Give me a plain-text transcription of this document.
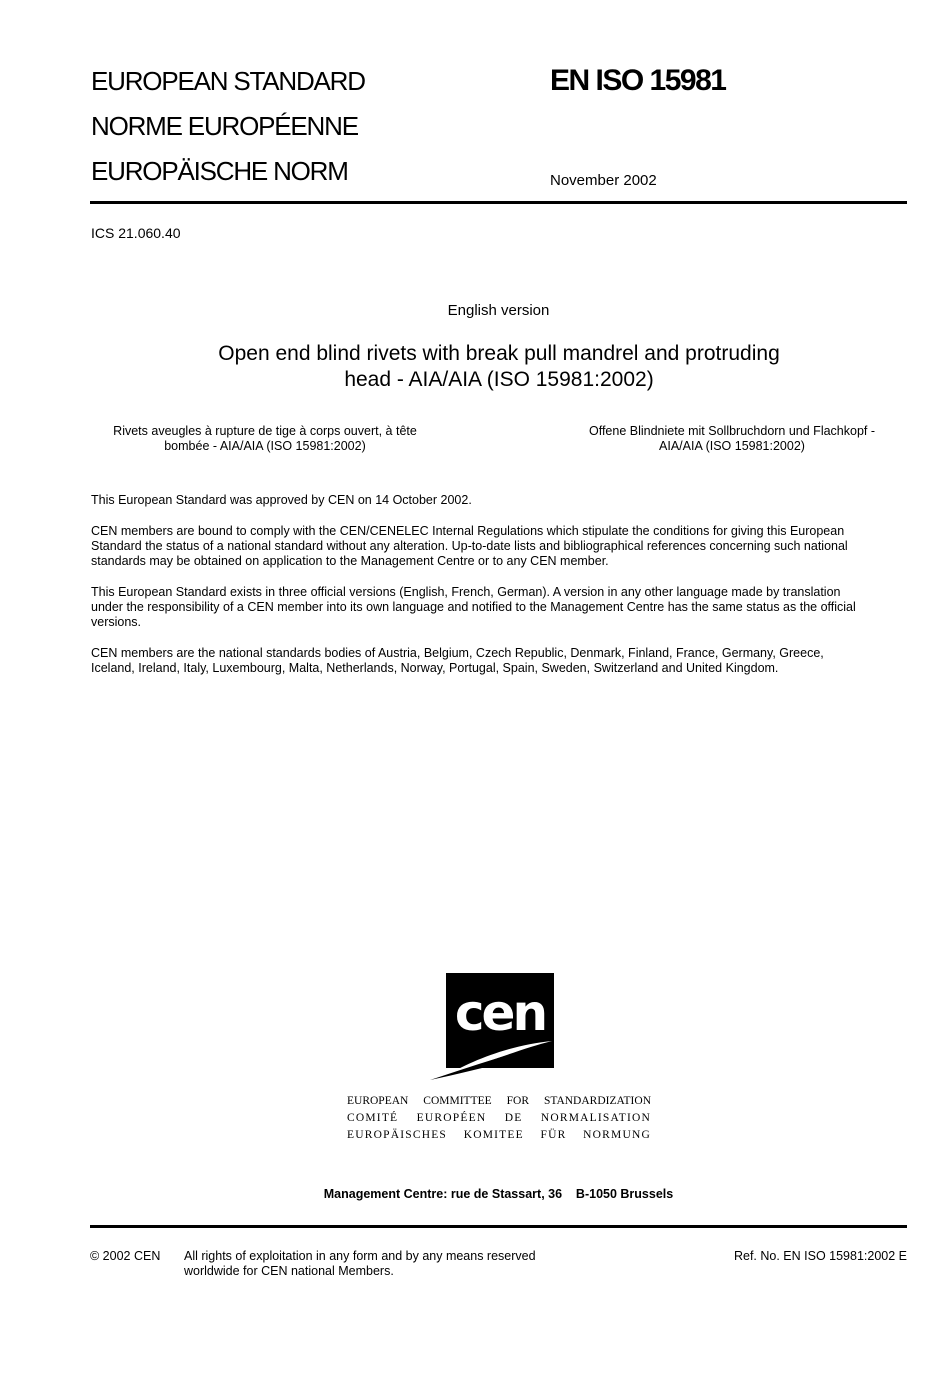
EUROPEAN STANDARD
NORME EUROPÉENNE
EUROPÄISCHE NORM
EN ISO 15981
November 2002
ICS 21.060.40
English version
Open end blind rivets with break pull mandrel and protruding
head - AIA/AIA (ISO 15981:2002)
Rivets aveugles à rupture de tige à corps ouvert, à tête
bombée - AIA/AIA (ISO 15981:2002)
Offene Blindniete mit Sollbruchdorn und Flachkopf -
AIA/AIA (ISO 15981:2002)
This European Standard was approved by CEN on 14 October 2002.
CEN members are bound to comply with the CEN/CENELEC Internal Regulations which stipulate the conditions for giving this European
Standard the status of a national standard without any alteration. Up-to-date lists and bibliographical references concerning such national
standards may be obtained on application to the Management Centre or to any CEN member.
This European Standard exists in three official versions (English, French, German). A version in any other language made by translation
under the responsibility of a CEN member into its own language and notified to the Management Centre has the same status as the official
versions.
CEN members are the national standards bodies of Austria, Belgium, Czech Republic, Denmark, Finland, France, Germany, Greece,
Iceland, Ireland, Italy, Luxembourg, Malta, Netherlands, Norway, Portugal, Spain, Sweden, Switzerland and United Kingdom.
cen
EUROPEAN COMMITTEE FOR STANDARDIZATION
COMITÉ EUROPÉEN DE NORMALISATION
EUROPÄISCHES KOMITEE FÜR NORMUNG
Management Centre: rue de Stassart, 36    B-1050 Brussels
© 2002 CEN All rights of exploitation in any form and by any means reserved
worldwide for CEN national Members.
Ref. No. EN ISO 15981:2002 E
